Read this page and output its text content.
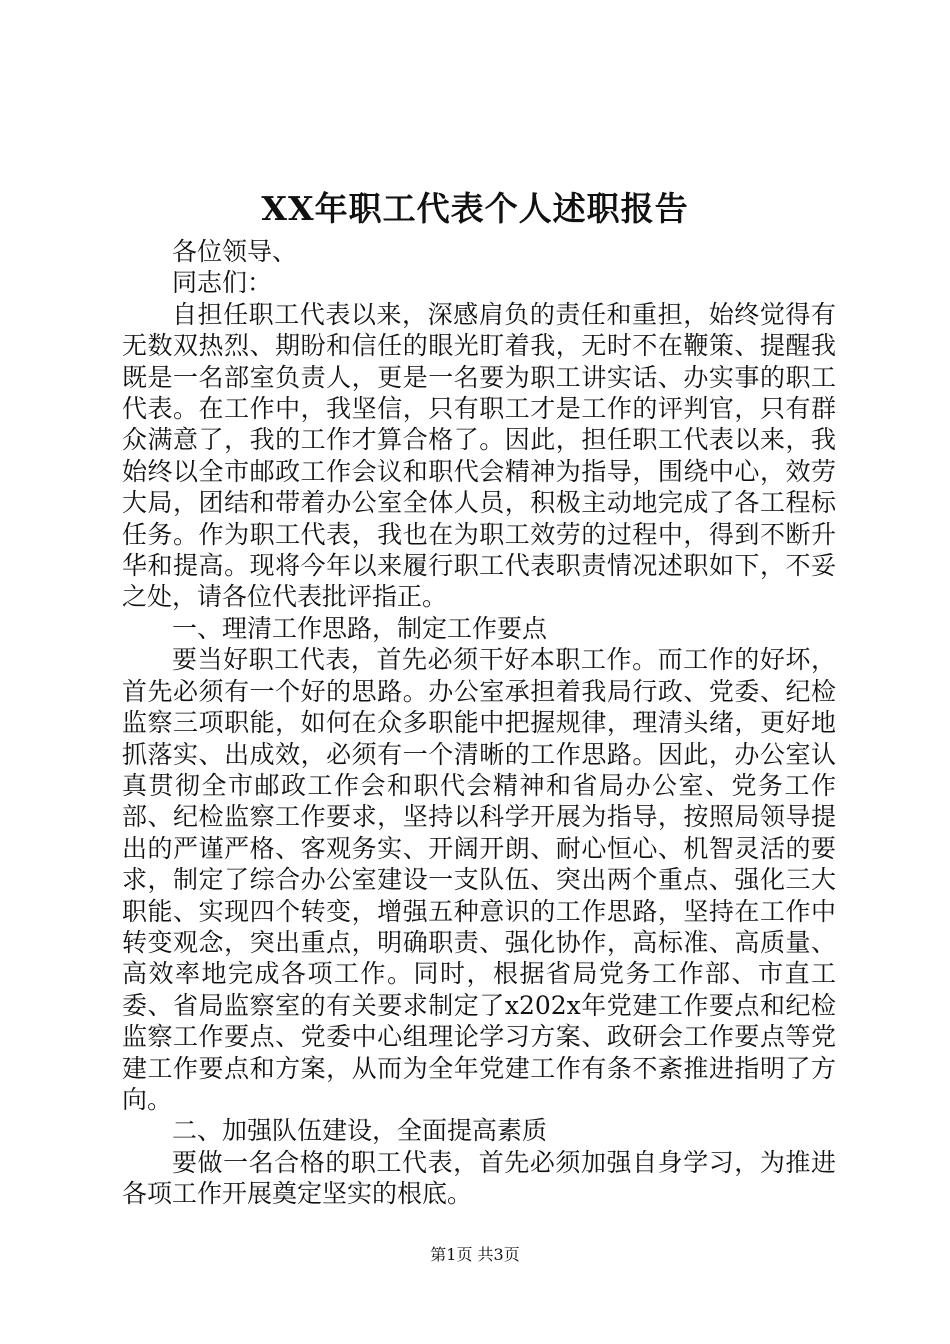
XX年职工代表个人述职报告

各位领导、

同志们：

自担任职工代表以来，深感肩负的责任和重担，始终觉得有无数双热烈、期盼和信任的眼光盯着我，无时不在鞭策、提醒我既是一名部室负责人，更是一名要为职工讲实话、办实事的职工代表。在工作中，我坚信，只有职工才是工作的评判官，只有群众满意了，我的工作才算合格了。因此，担任职工代表以来，我始终以全市邮政工作会议和职代会精神为指导，围绕中心，效劳大局，团结和带着办公室全体人员，积极主动地完成了各工程标任务。作为职工代表，我也在为职工效劳的过程中，得到不断升华和提高。现将今年以来履行职工代表职责情况述职如下，不妥之处，请各位代表批评指正。

一、理清工作思路，制定工作要点

要当好职工代表，首先必须干好本职工作。而工作的好坏，首先必须有一个好的思路。办公室承担着我局行政、党委、纪检监察三项职能，如何在众多职能中把握规律，理清头绪，更好地抓落实、出成效，必须有一个清晰的工作思路。因此，办公室认真贯彻全市邮政工作会和职代会精神和省局办公室、党务工作部、纪检监察工作要求，坚持以科学开展为指导，按照局领导提出的严谨严格、客观务实、开阔开朗、耐心恒心、机智灵活的要求，制定了综合办公室建设一支队伍、突出两个重点、强化三大职能、实现四个转变，增强五种意识的工作思路，坚持在工作中转变观念，突出重点，明确职责、强化协作，高标准、高质量、高效率地完成各项工作。同时，根据省局党务工作部、市直工委、省局监察室的有关要求制定了x202x年党建工作要点和纪检监察工作要点、党委中心组理论学习方案、政研会工作要点等党建工作要点和方案，从而为全年党建工作有条不紊推进指明了方向。

二、加强队伍建设，全面提高素质

要做一名合格的职工代表，首先必须加强自身学习，为推进各项工作开展奠定坚实的根底。

第1页 共3页
